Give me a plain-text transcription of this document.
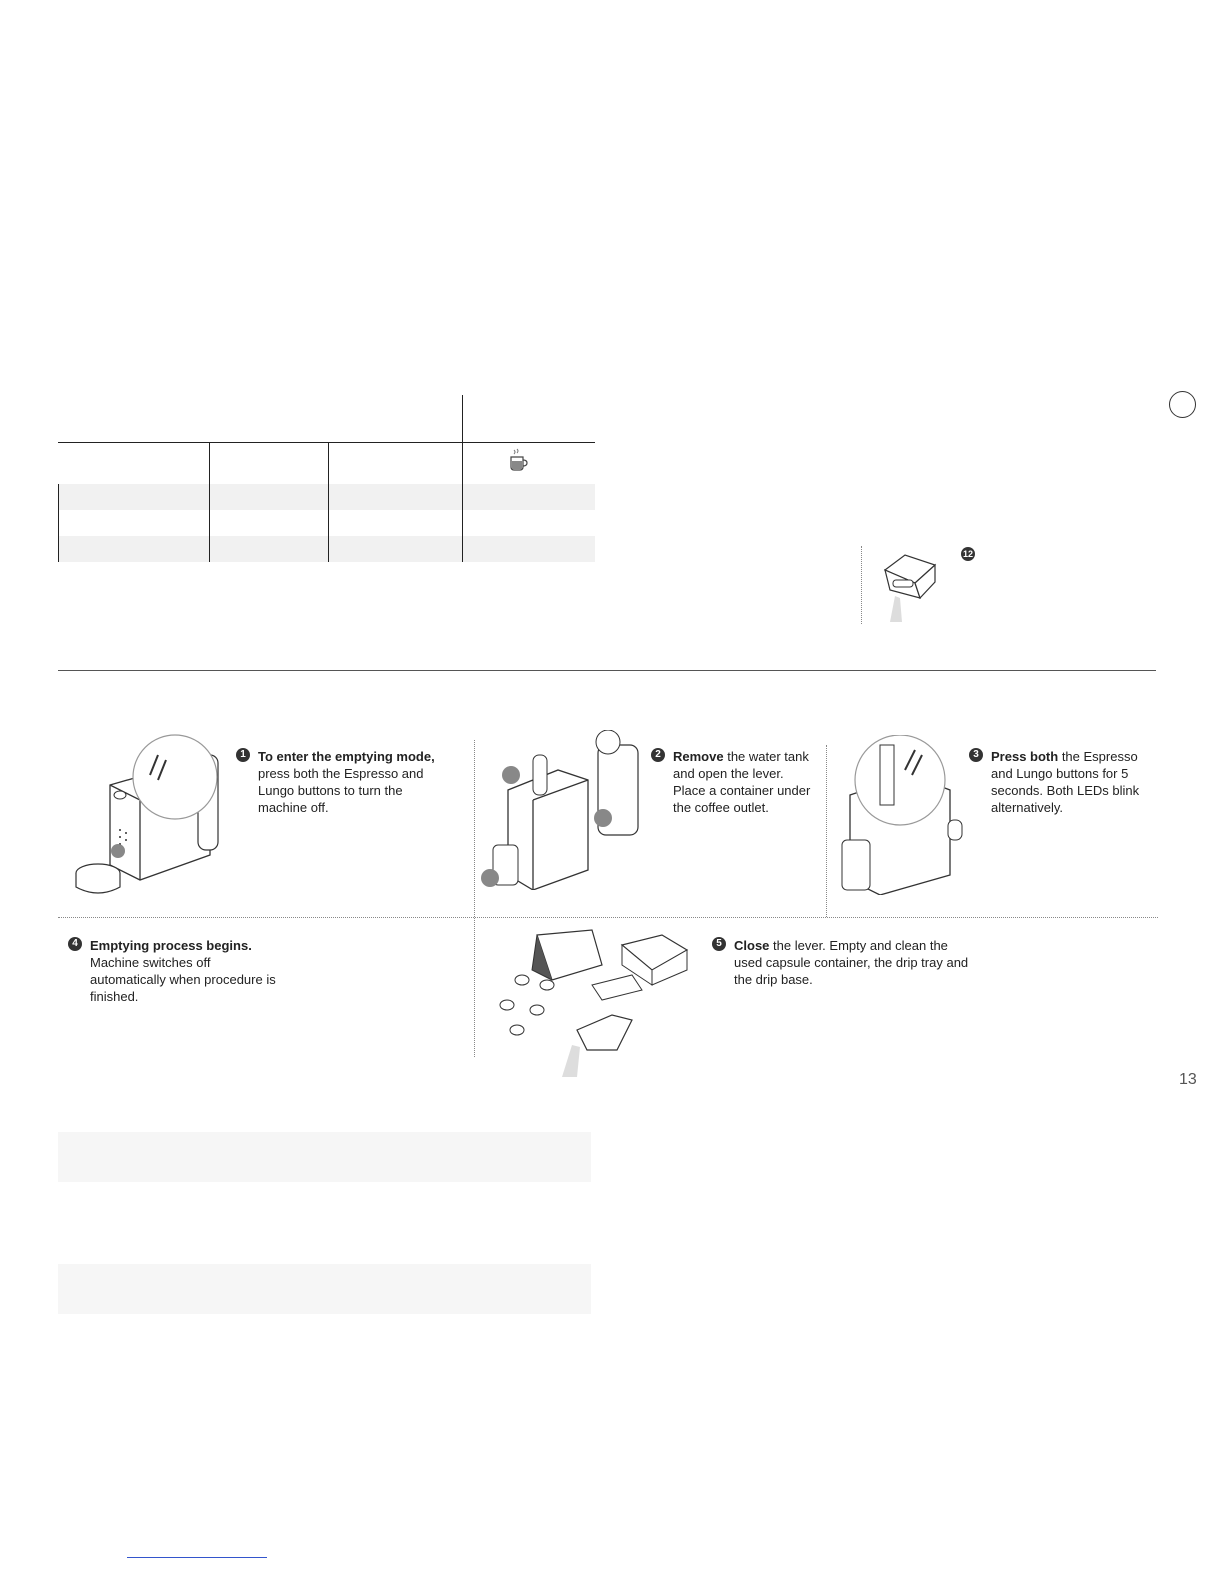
12
1 To enter the emptying mode, press both the Espresso and Lungo buttons to turn the machine off.
2 Remove the water tank and open the lever. Place a container under the coffee outlet.
3 Press both the Espresso and Lungo buttons for 5 seconds. Both LEDs blink alternatively.
4 Emptying process begins. Machine switches off automatically when procedure is finished.
5 Close the lever. Empty and clean the used capsule container, the drip tray and the drip base.
13
